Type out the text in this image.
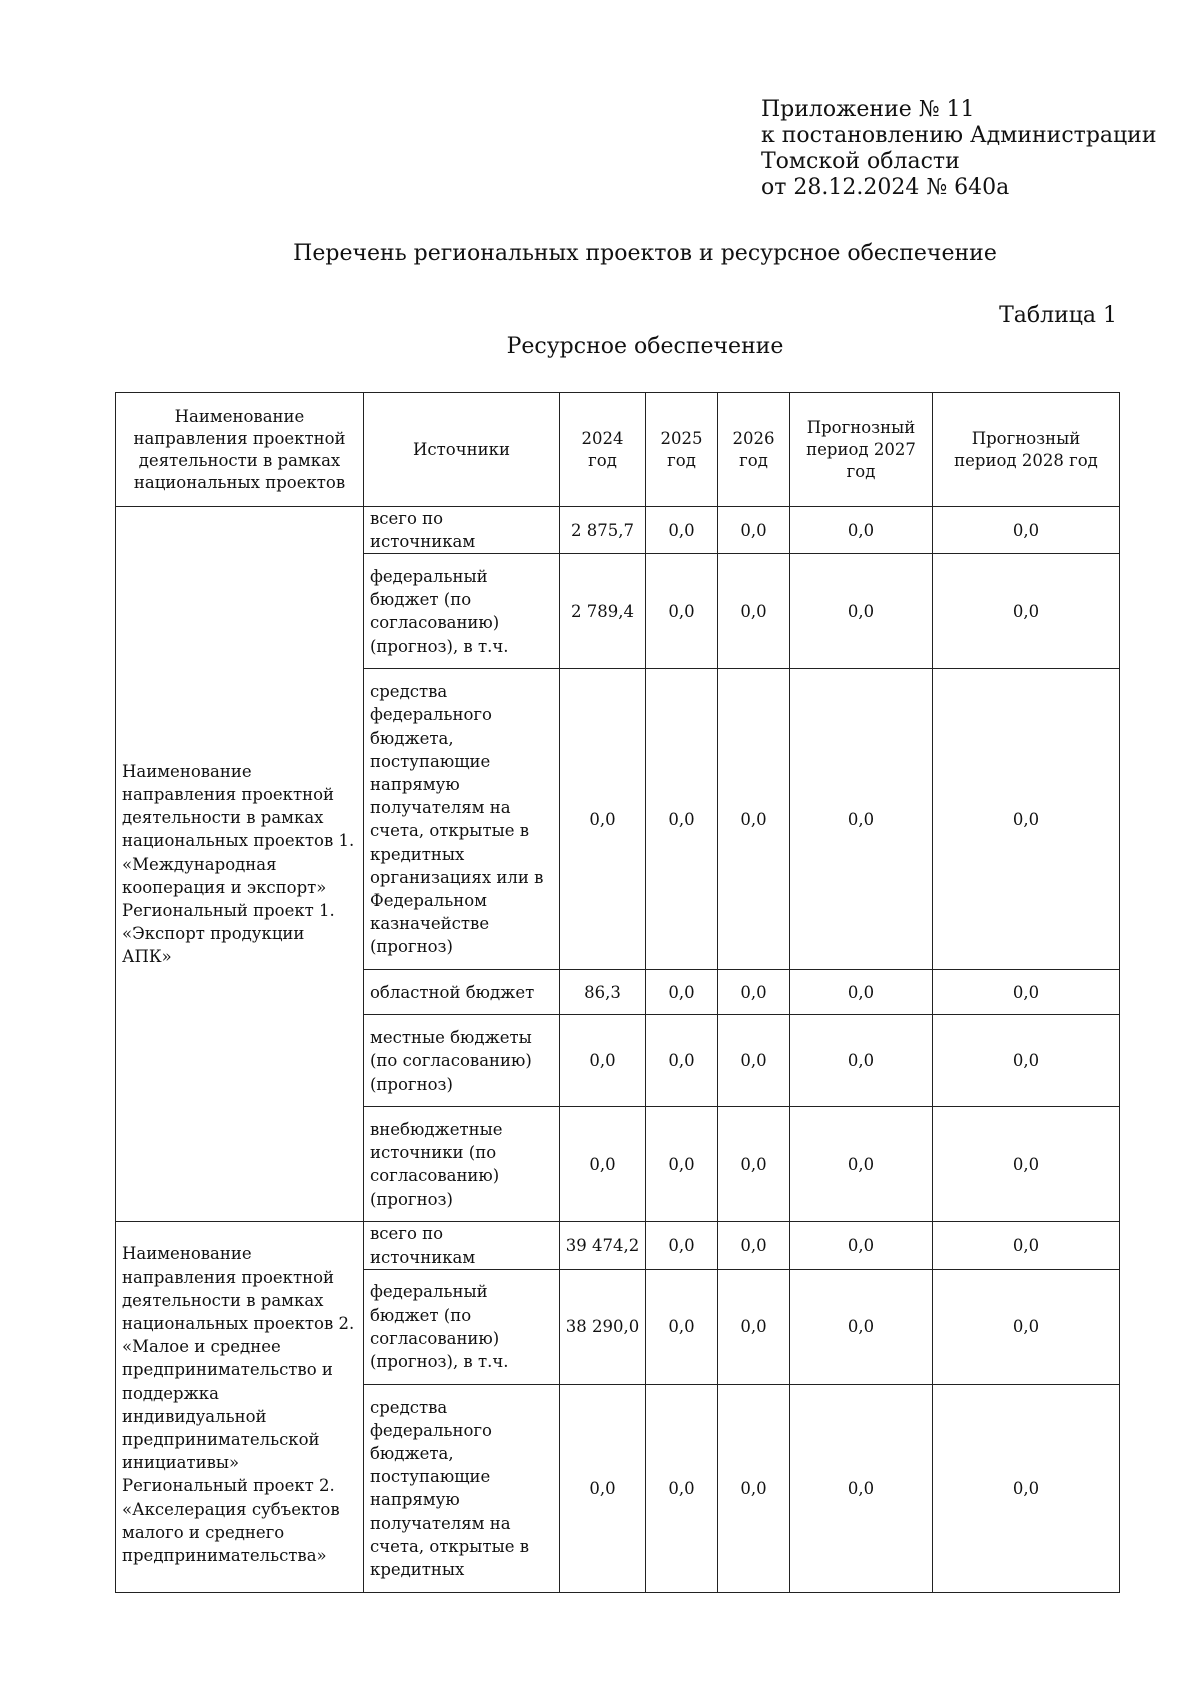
Приложение № 11
к постановлению Администрации
Томской области
от 28.12.2024 № 640а
Перечень региональных проектов и ресурсное обеспечение
Таблица 1
Ресурсное обеспечение
Наименование направления проектной деятельности в рамках национальных проектов	Источники	2024 год	2025 год	2026 год	Прогнозный период 2027 год	Прогнозный период 2028 год
Наименование направления проектной деятельности в рамках национальных проектов 1. «Международная кооперация и экспорт» Региональный проект 1. «Экспорт продукции АПК»	всего по источникам	2 875,7	0,0	0,0	0,0	0,0
	федеральный бюджет (по согласованию) (прогноз), в т.ч.	2 789,4	0,0	0,0	0,0	0,0
	средства федерального бюджета, поступающие напрямую получателям на счета, открытые в кредитных организациях или в Федеральном казначействе (прогноз)	0,0	0,0	0,0	0,0	0,0
	областной бюджет	86,3	0,0	0,0	0,0	0,0
	местные бюджеты (по согласованию) (прогноз)	0,0	0,0	0,0	0,0	0,0
	внебюджетные источники (по согласованию) (прогноз)	0,0	0,0	0,0	0,0	0,0
Наименование направления проектной деятельности в рамках национальных проектов 2. «Малое и среднее предпринимательство и поддержка индивидуальной предпринимательской инициативы» Региональный проект 2. «Акселерация субъектов малого и среднего предпринимательства»	всего по источникам	39 474,2	0,0	0,0	0,0	0,0
	федеральный бюджет (по согласованию) (прогноз), в т.ч.	38 290,0	0,0	0,0	0,0	0,0
	средства федерального бюджета, поступающие напрямую получателям на счета, открытые в кредитных	0,0	0,0	0,0	0,0	0,0
